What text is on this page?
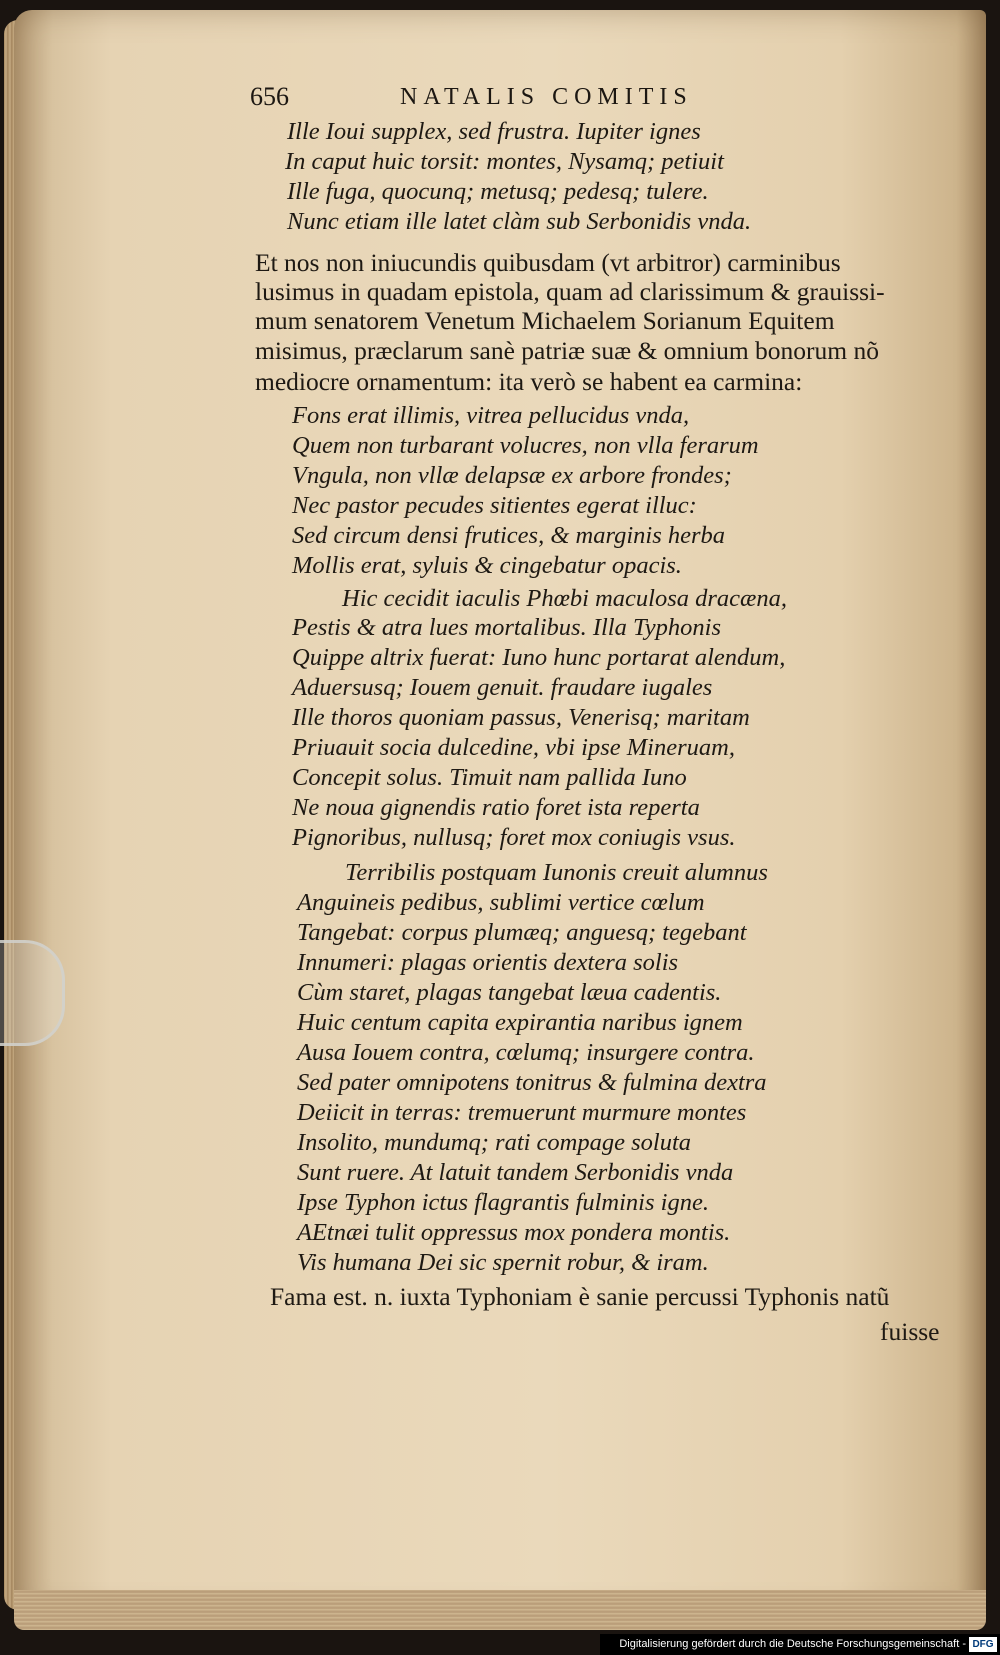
656	NATALIS COMITIS
Ille Ioui supplex, sed frustra. Iupiter ignes
In caput huic torsit: montes, Nysamq; petiuit
Ille fuga, quocunq; metusq; pedesq; tulere.
Nunc etiam ille latet clàm sub Serbonidis vnda.
Et nos non iniucundis quibusdam (vt arbitror) carminibus
lusimus in quadam epistola, quam ad clarissimum & grauissi-
mum senatorem Venetum Michaelem Sorianum Equitem
misimus, præclarum sanè patriæ suæ & omnium bonorum nõ
mediocre ornamentum: ita verò se habent ea carmina:
Fons erat illimis, vitrea pellucidus vnda,
Quem non turbarant volucres, non vlla ferarum
Vngula, non vllæ delapsæ ex arbore frondes;
Nec pastor pecudes sitientes egerat illuc:
Sed circum densi frutices, & marginis herba
Mollis erat, syluis & cingebatur opacis.
Hic cecidit iaculis Phœbi maculosa dracæna,
Pestis & atra lues mortalibus. Illa Typhonis
Quippe altrix fuerat: Iuno hunc portarat alendum,
Aduersusq; Iouem genuit. fraudare iugales
Ille thoros quoniam passus, Venerisq; maritam
Priuauit socia dulcedine, vbi ipse Mineruam,
Concepit solus. Timuit nam pallida Iuno
Ne noua gignendis ratio foret ista reperta
Pignoribus, nullusq; foret mox coniugis vsus.
Terribilis postquam Iunonis creuit alumnus
Anguineis pedibus, sublimi vertice cœlum
Tangebat: corpus plumæq; anguesq; tegebant
Innumeri: plagas orientis dextera solis
Cùm staret, plagas tangebat læua cadentis.
Huic centum capita expirantia naribus ignem
Ausa Iouem contra, cœlumq; insurgere contra.
Sed pater omnipotens tonitrus & fulmina dextra
Deiicit in terras: tremuerunt murmure montes
Insolito, mundumq; rati compage soluta
Sunt ruere. At latuit tandem Serbonidis vnda
Ipse Typhon ictus flagrantis fulminis igne.
AEtnæi tulit oppressus mox pondera montis.
Vis humana Dei sic spernit robur, & iram.
Fama est. n. iuxta Typhoniam è sanie percussi Typhonis natũ
fuisse
Digitalisierung gefördert durch die Deutsche Forschungsgemeinschaft - DFG
